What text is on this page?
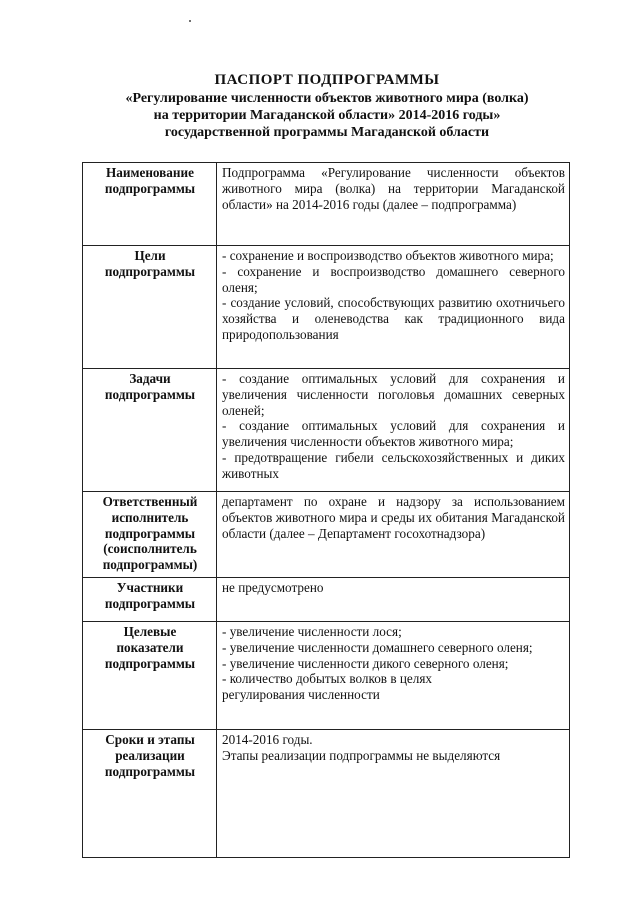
ПАСПОРТ ПОДПРОГРАММЫ
«Регулирование численности объектов животного мира (волка)
на территории Магаданской области» 2014-2016 годы»
государственной программы Магаданской области
Наименование
подпрограммы	Подпрограмма «Регулирование численности объектов животного мира (волка) на территории Магаданской области» на 2014-2016 годы (далее – подпрограмма)

Цели
подпрограммы	- сохранение и воспроизводство объектов животного мира;
- сохранение и воспроизводство домашнего северного оленя;
- создание условий, способствующих развитию охотничьего хозяйства и оленеводства как традиционного вида природопользования

Задачи
подпрограммы	- создание оптимальных условий для сохранения и увеличения численности поголовья домашних северных оленей;
- создание оптимальных условий для сохранения и увеличения численности объектов животного мира;
- предотвращение гибели сельскохозяйственных и диких животных

Ответственный
исполнитель
подпрограммы
(соисполнитель
подпрограммы)	департамент по охране и надзору за использованием объектов животного мира и среды их обитания Магаданской области (далее – Департамент госохотнадзора)

Участники
подпрограммы	не предусмотрено

Целевые
показатели
подпрограммы	- увеличение численности лося;
- увеличение численности домашнего северного оленя;
- увеличение численности дикого северного оленя;
- количество добытых волков в целях
регулирования численности

Сроки и этапы
реализации
подпрограммы	2014-2016 годы.
Этапы реализации подпрограммы не выделяются
